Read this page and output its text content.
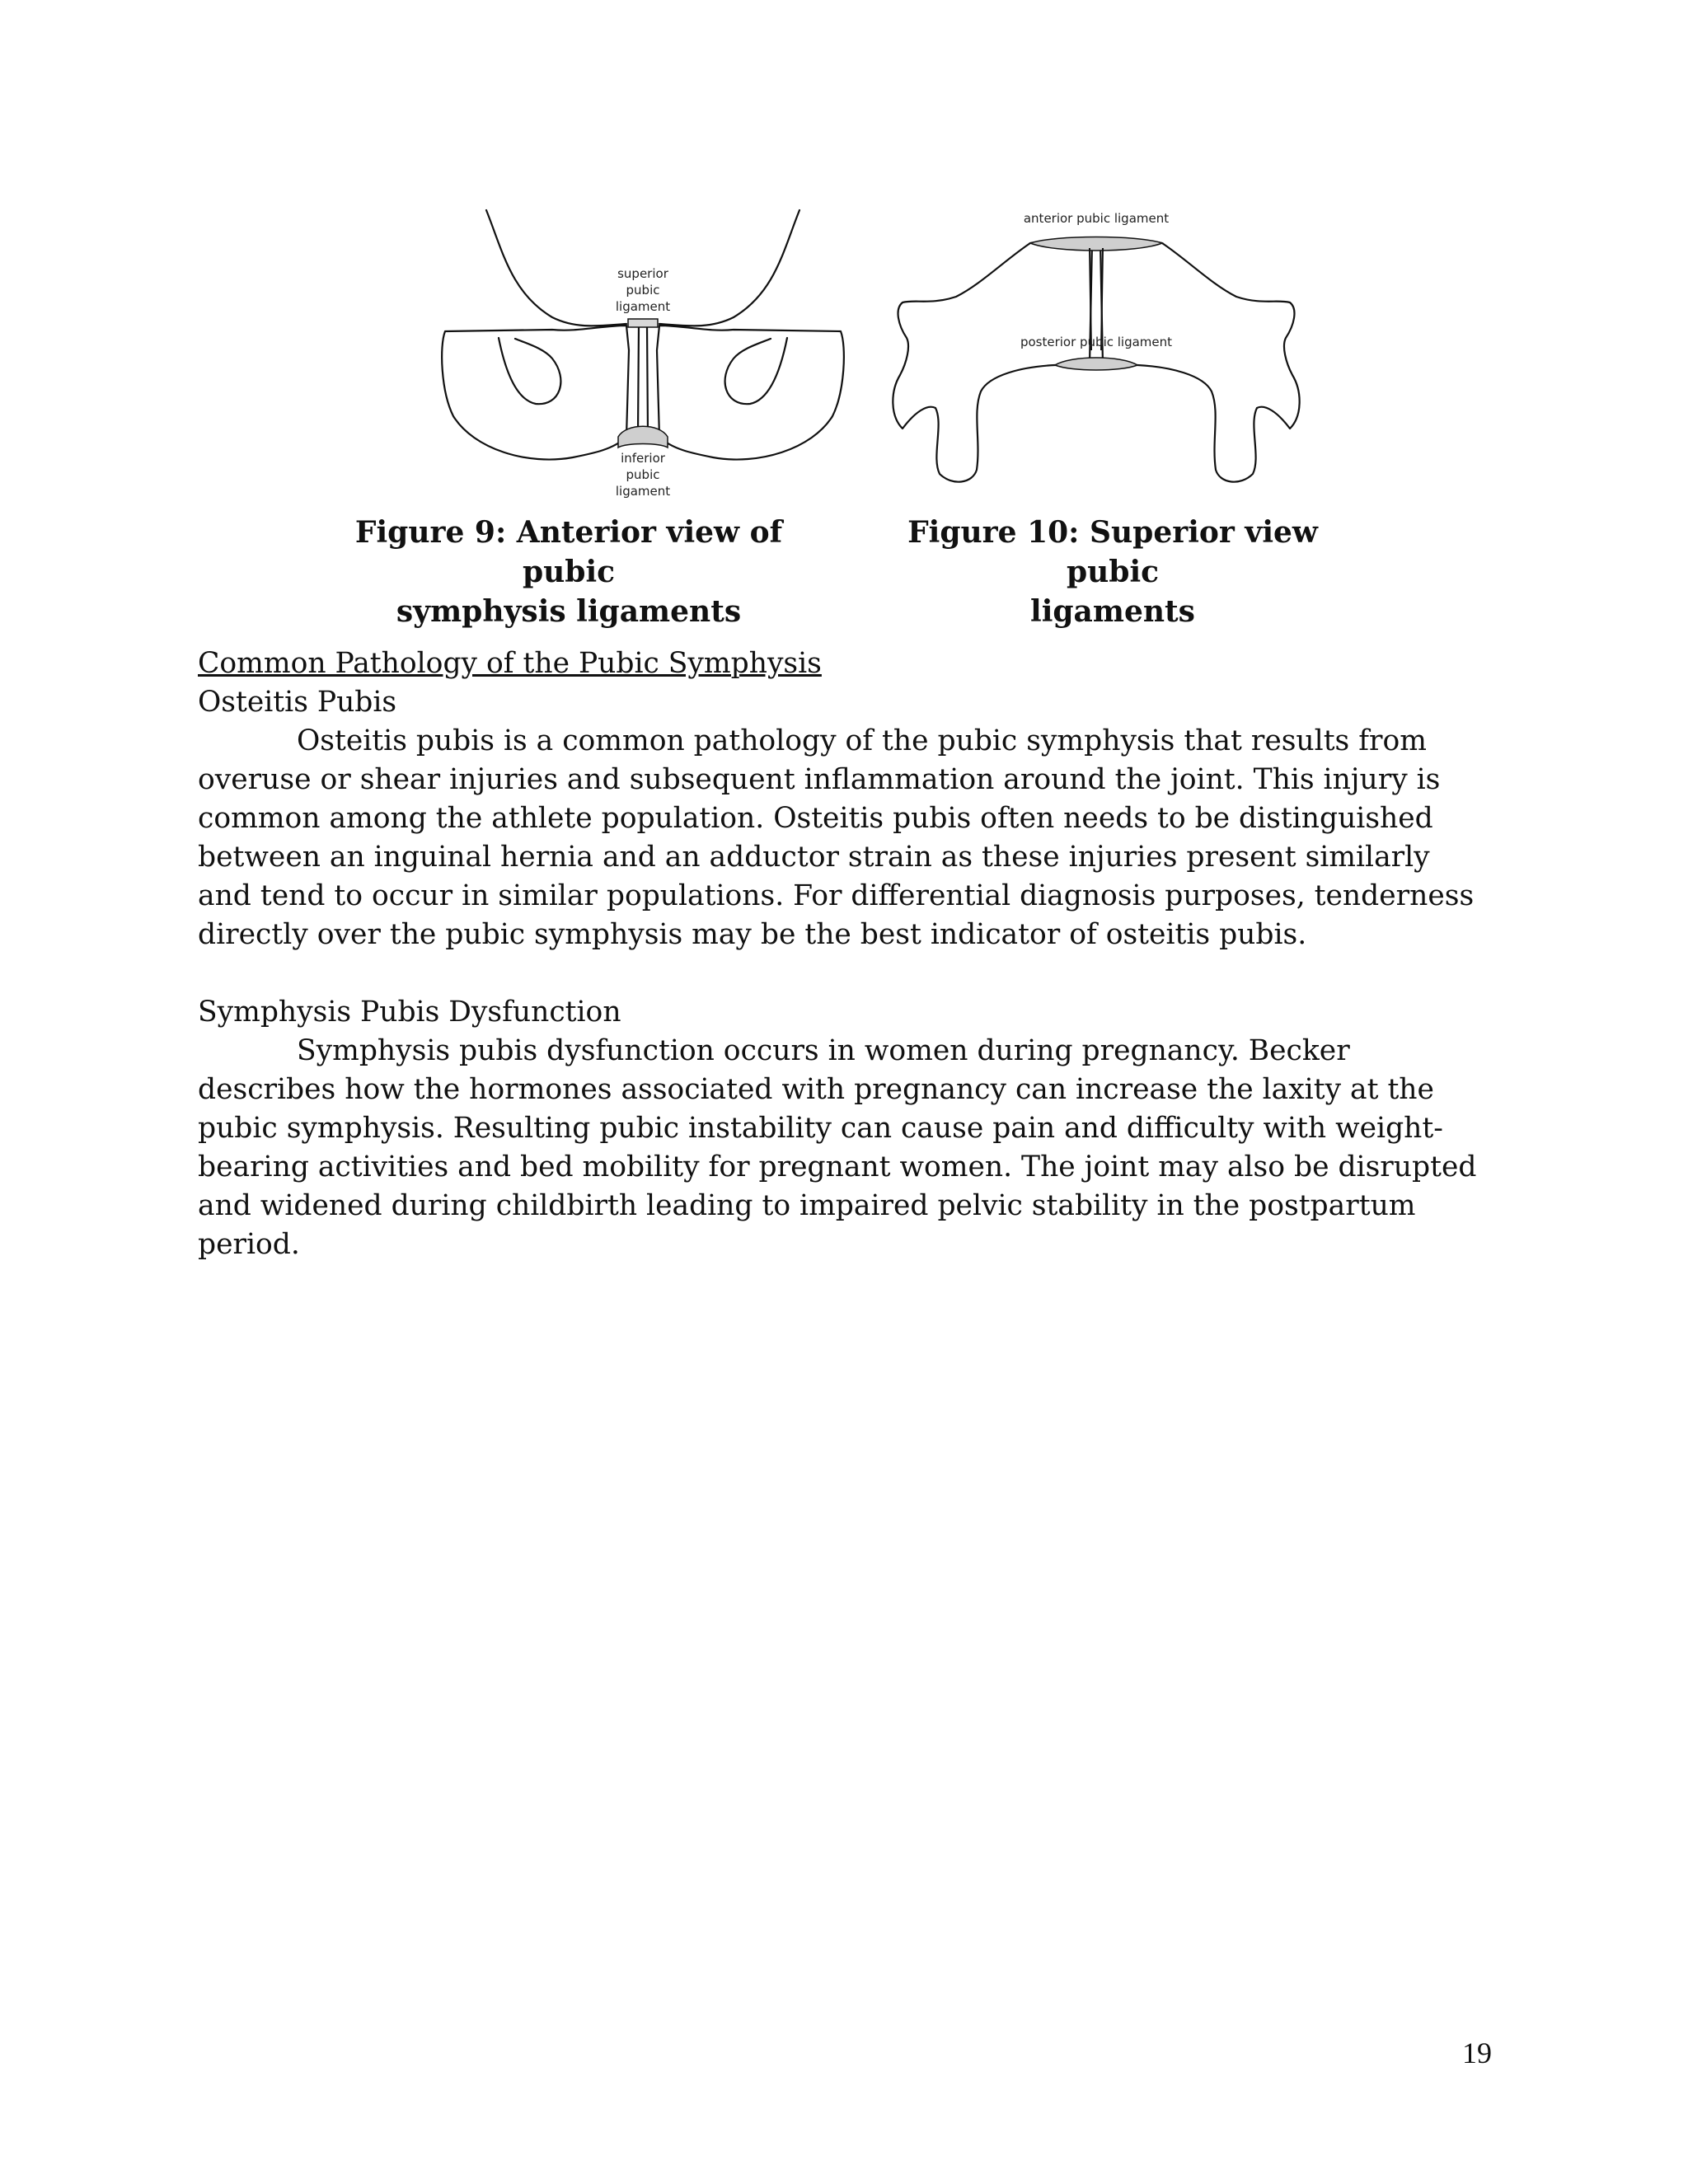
superior
pubic
ligament
inferior
pubic
ligament
anterior pubic ligament
posterior pubic ligament
Figure 9: Anterior view of pubic
symphysis ligaments
Figure 10: Superior view pubic
ligaments
Common Pathology of the Pubic Symphysis
Osteitis Pubis
Osteitis pubis is a common pathology of the pubic symphysis that results from overuse or shear injuries and subsequent inflammation around the joint. This injury is common among the athlete population. Osteitis pubis often needs to be distinguished between an inguinal hernia and an adductor strain as these injuries present similarly and tend to occur in similar populations. For differential diagnosis purposes, tenderness directly over the pubic symphysis may be the best indicator of osteitis pubis.
Symphysis Pubis Dysfunction
Symphysis pubis dysfunction occurs in women during pregnancy. Becker describes how the hormones associated with pregnancy can increase the laxity at the pubic symphysis. Resulting pubic instability can cause pain and difficulty with weight-bearing activities and bed mobility for pregnant women. The joint may also be disrupted and widened during childbirth leading to impaired pelvic stability in the postpartum period.
19
